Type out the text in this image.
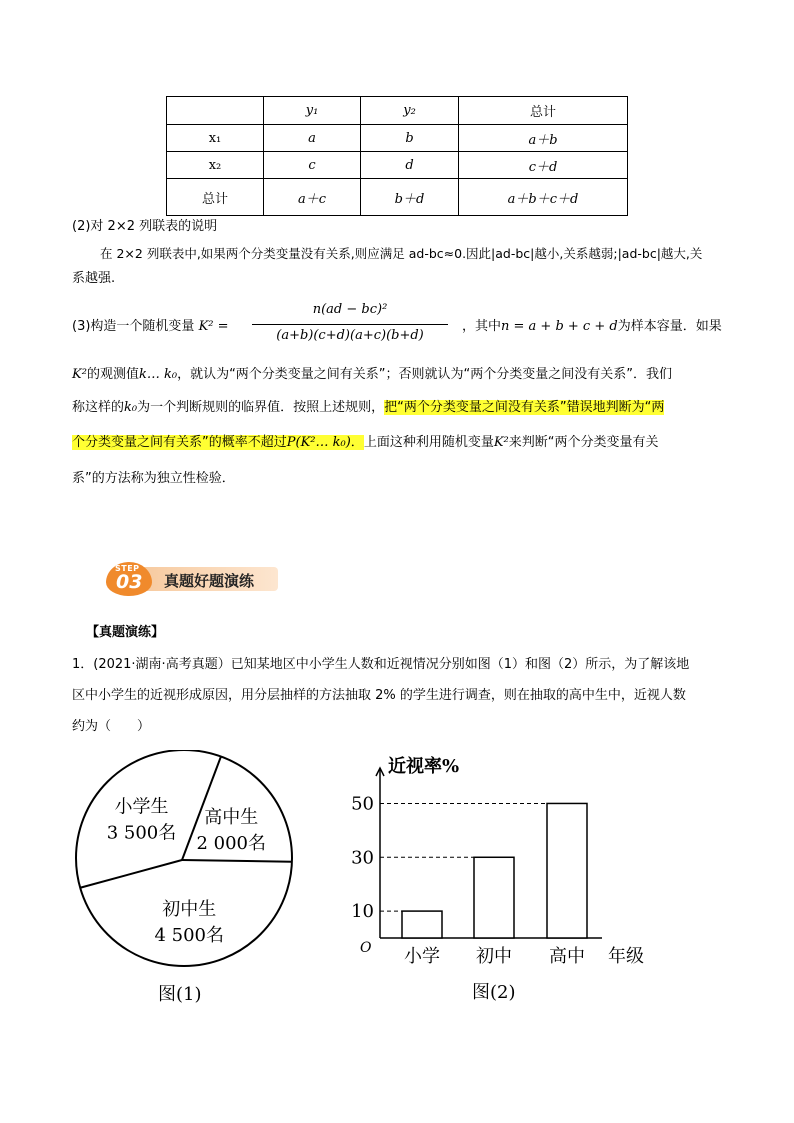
	y₁	y₂	总计
x₁	a	b	a＋b
x₂	c	d	c＋d
总计	a＋c	b＋d	a＋b＋c＋d
(2)对 2×2 列联表的说明
在 2×2 列联表中,如果两个分类变量没有关系,则应满足 ad-bc≈0.因此|ad-bc|越小,关系越弱;|ad-bc|越大,关
系越强.
(3)构造一个随机变量 K² =
n(ad − bc)²
(a+b)(c+d)(a+c)(b+d)
，其中n = a + b + c + d为样本容量．如果
K²的观测值k… k₀，就认为“两个分类变量之间有关系”；否则就认为“两个分类变量之间没有关系”．我们
称这样的k₀为一个判断规则的临界值．按照上述规则，把“两个分类变量之间没有关系”错误地判断为“两
个分类变量之间有关系”的概率不超过P(K²… k₀)．上面这种利用随机变量K²来判断“两个分类变量有关
系”的方法称为独立性检验．
STEP
03 真题好题演练
【真题演练】
1．(2021·湖南·高考真题）已知某地区中小学生人数和近视情况分别如图（1）和图（2）所示，为了解该地
区中小学生的近视形成原因，用分层抽样的方法抽取 2% 的学生进行调查，则在抽取的高中生中，近视人数
约为（　　）
小学生
3 500名
高中生
2 000名
初中生
4 500名
图(1)
近视率%
年级
O 小学 初中 高中
10
30
50
图(2)
